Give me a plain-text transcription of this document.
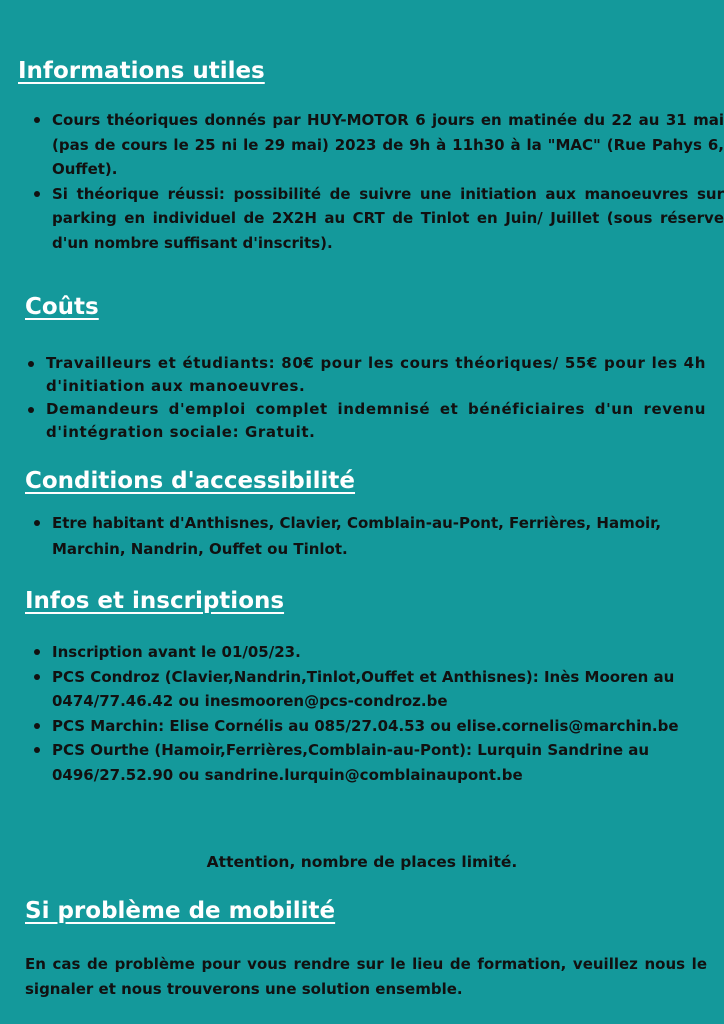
Informations utiles
Cours théoriques donnés par HUY-MOTOR 6 jours en matinée du 22 au 31 mai (pas de cours le 25 ni le 29 mai) 2023 de 9h à 11h30 à la "MAC" (Rue Pahys 6, Ouffet).
Si théorique réussi: possibilité de suivre une initiation aux manoeuvres sur parking en individuel de 2X2H au CRT de Tinlot en Juin/ Juillet (sous réserve d'un nombre suffisant d'inscrits).
Coûts
Travailleurs et étudiants: 80€ pour les cours théoriques/ 55€ pour les 4h d'initiation aux manoeuvres.
Demandeurs d'emploi complet indemnisé et bénéficiaires d'un revenu d'intégration sociale: Gratuit.
Conditions d'accessibilité
Etre habitant d'Anthisnes, Clavier, Comblain-au-Pont, Ferrières, Hamoir, Marchin, Nandrin, Ouffet ou Tinlot.
Infos et inscriptions
Inscription avant le 01/05/23.
PCS Condroz (Clavier,Nandrin,Tinlot,Ouffet et Anthisnes): Inès Mooren au 0474/77.46.42 ou inesmooren@pcs-condroz.be
PCS Marchin: Elise Cornélis au 085/27.04.53 ou elise.cornelis@marchin.be
PCS Ourthe (Hamoir,Ferrières,Comblain-au-Pont): Lurquin Sandrine au 0496/27.52.90 ou sandrine.lurquin@comblainaupont.be

Attention, nombre de places limité.

Si problème de mobilité

En cas de problème pour vous rendre sur le lieu de formation, veuillez nous le signaler et nous trouverons une solution ensemble.
